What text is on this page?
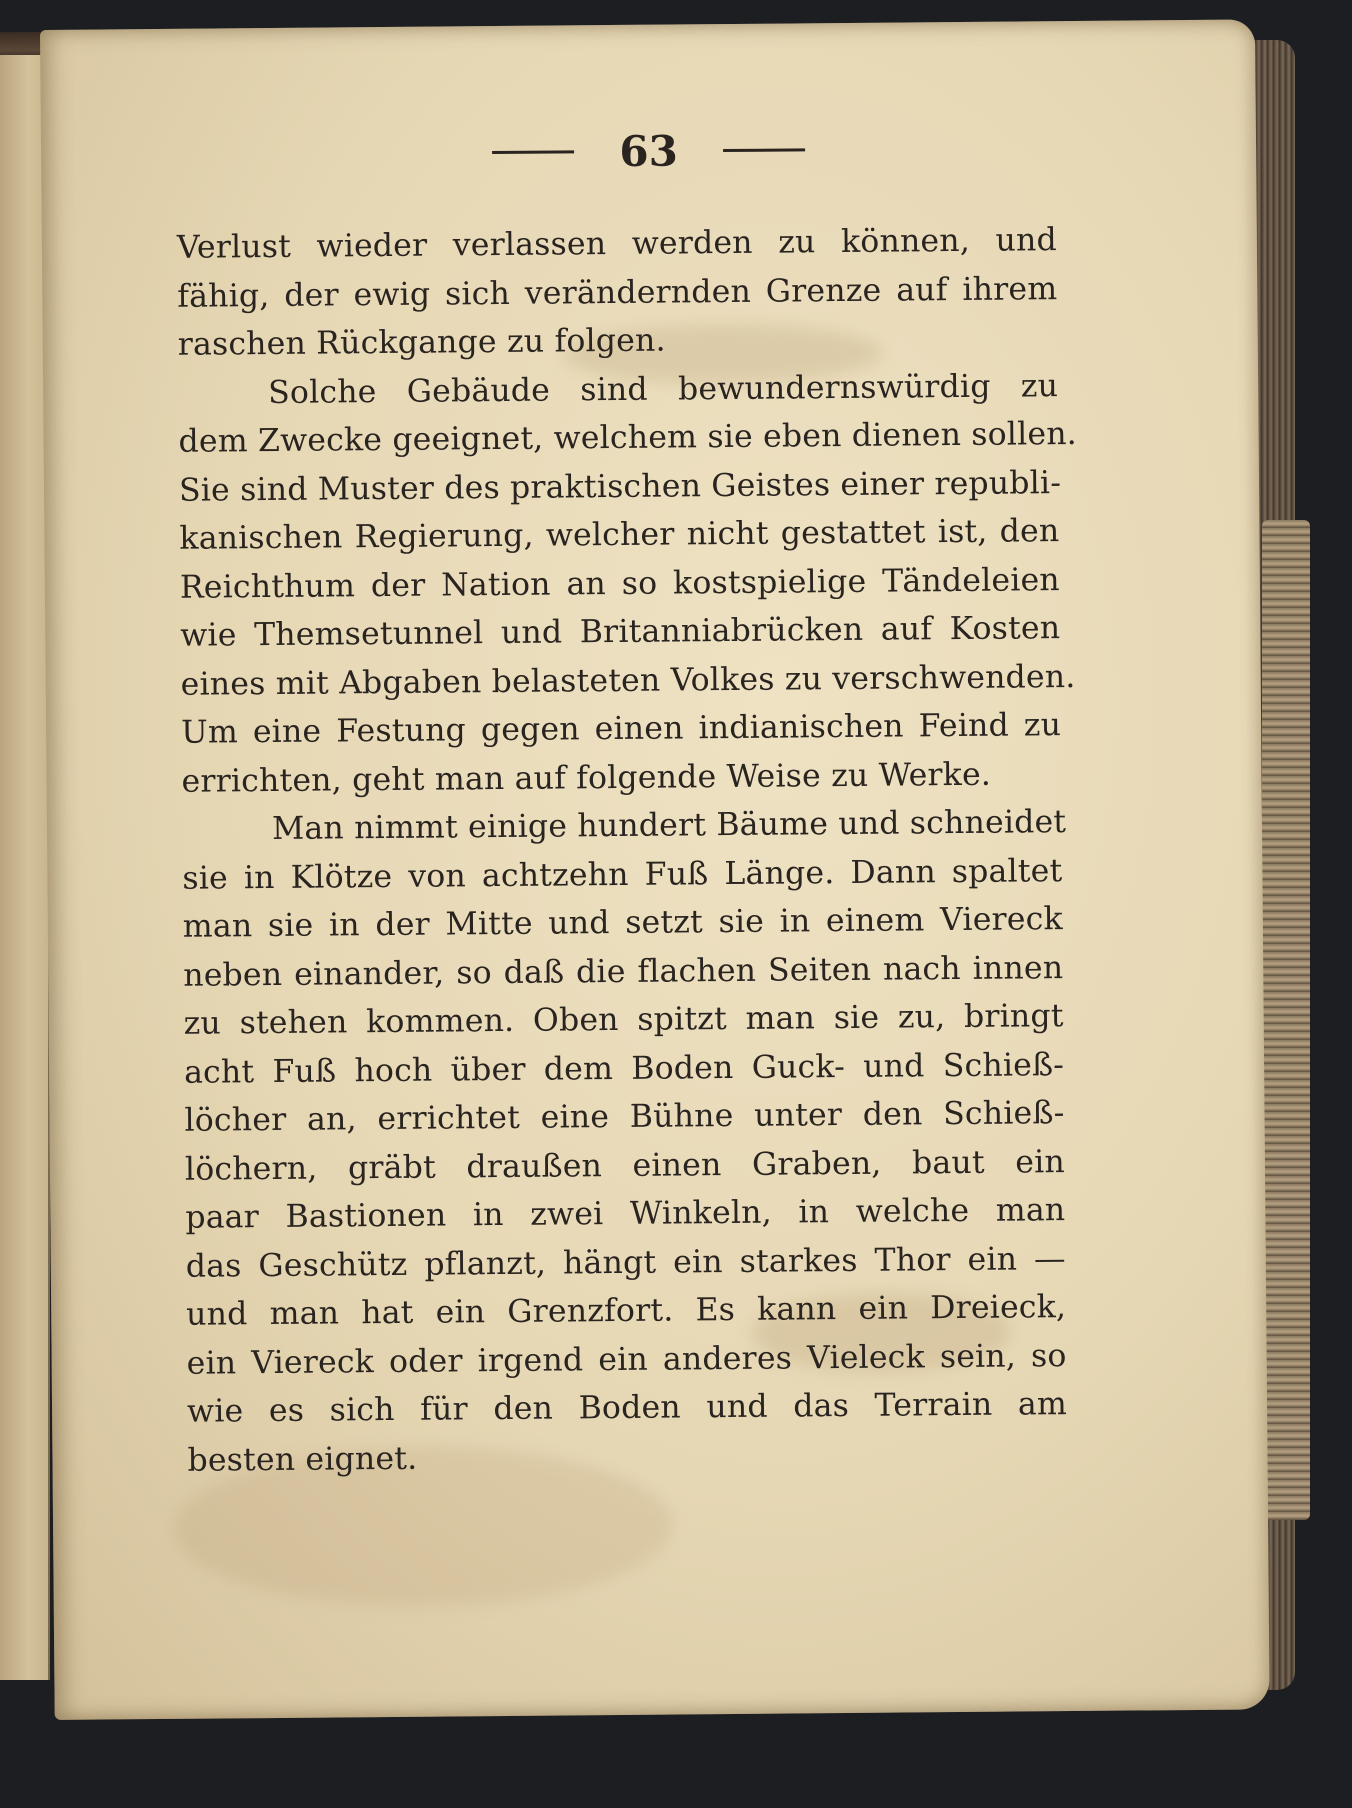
63

Verlust wieder verlassen werden zu können, und
fähig, der ewig sich verändernden Grenze auf ihrem
raschen Rückgange zu folgen.

Solche Gebäude sind bewundernswürdig zu
dem Zwecke geeignet, welchem sie eben dienen sollen.
Sie sind Muster des praktischen Geistes einer republi-
kanischen Regierung, welcher nicht gestattet ist, den
Reichthum der Nation an so kostspielige Tändeleien
wie Themsetunnel und Britanniabrücken auf Kosten
eines mit Abgaben belasteten Volkes zu verschwenden.
Um eine Festung gegen einen indianischen Feind zu
errichten, geht man auf folgende Weise zu Werke.

Man nimmt einige hundert Bäume und schneidet
sie in Klötze von achtzehn Fuß Länge. Dann spaltet
man sie in der Mitte und setzt sie in einem Viereck
neben einander, so daß die flachen Seiten nach innen
zu stehen kommen. Oben spitzt man sie zu, bringt
acht Fuß hoch über dem Boden Guck- und Schieß-
löcher an, errichtet eine Bühne unter den Schieß-
löchern, gräbt draußen einen Graben, baut ein
paar Bastionen in zwei Winkeln, in welche man
das Geschütz pflanzt, hängt ein starkes Thor ein —
und man hat ein Grenzfort. Es kann ein Dreieck,
ein Viereck oder irgend ein anderes Vieleck sein, so
wie es sich für den Boden und das Terrain am
besten eignet.
